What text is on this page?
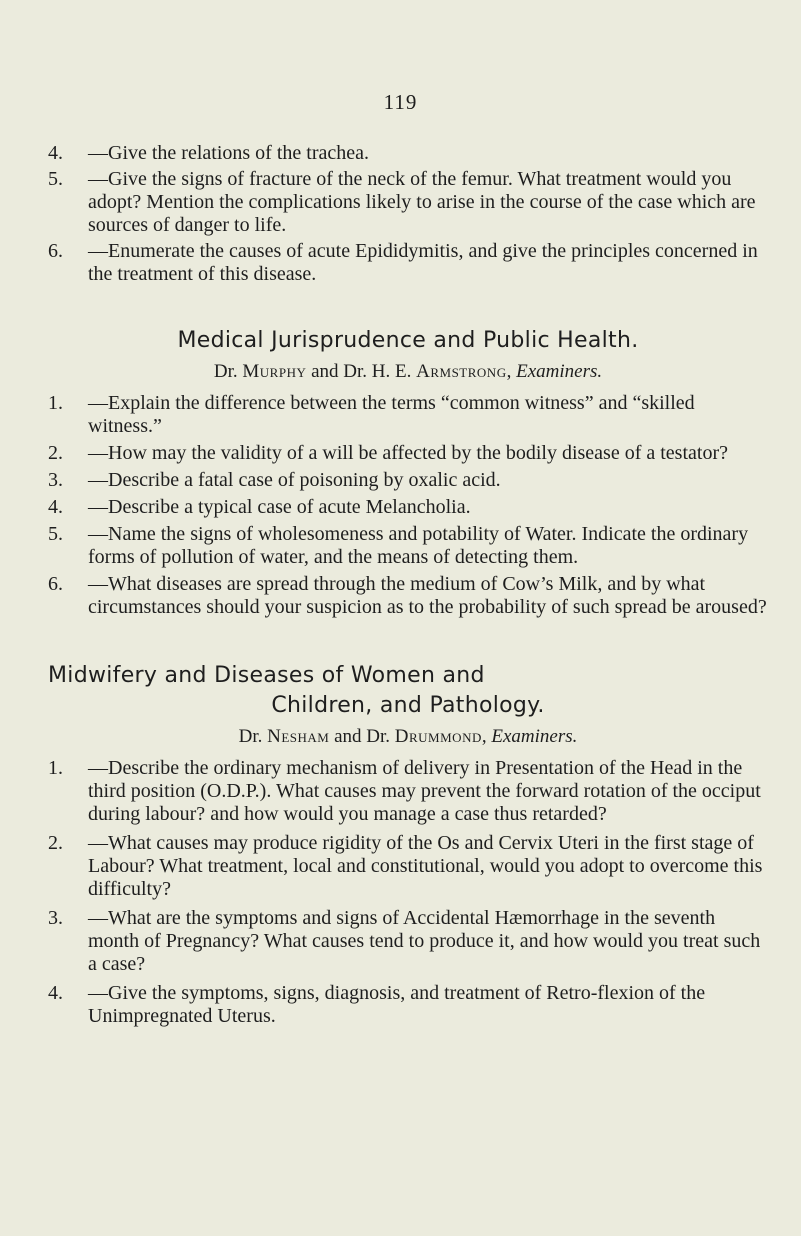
119
4.	—Give the relations of the trachea.
5.	—Give the signs of fracture of the neck of the femur. What treatment would you adopt? Mention the complications likely to arise in the course of the case which are sources of danger to life.
6.	—Enumerate the causes of acute Epididymitis, and give the principles concerned in the treatment of this disease.
Medical Jurisprudence and Public Health.
Dr. Murphy and Dr. H. E. Armstrong, Examiners.
1.	—Explain the difference between the terms “common witness” and “skilled witness.”
2.	—How may the validity of a will be affected by the bodily disease of a testator?
3.	—Describe a fatal case of poisoning by oxalic acid.
4.	—Describe a typical case of acute Melancholia.
5.	—Name the signs of wholesomeness and potability of Water. Indicate the ordinary forms of pollution of water, and the means of detecting them.
6.	—What diseases are spread through the medium of Cow’s Milk, and by what circumstances should your suspicion as to the probability of such spread be aroused?
Midwifery and Diseases of Women and
Children, and Pathology.
Dr. Nesham and Dr. Drummond, Examiners.
1.	—Describe the ordinary mechanism of delivery in Presentation of the Head in the third position (O.D.P.). What causes may prevent the forward rotation of the occiput during labour? and how would you manage a case thus retarded?
2.	—What causes may produce rigidity of the Os and Cervix Uteri in the first stage of Labour? What treatment, local and constitutional, would you adopt to overcome this difficulty?
3.	—What are the symptoms and signs of Accidental Hæmorrhage in the seventh month of Pregnancy? What causes tend to produce it, and how would you treat such a case?
4.	—Give the symptoms, signs, diagnosis, and treatment of Retro-flexion of the Unimpregnated Uterus.
